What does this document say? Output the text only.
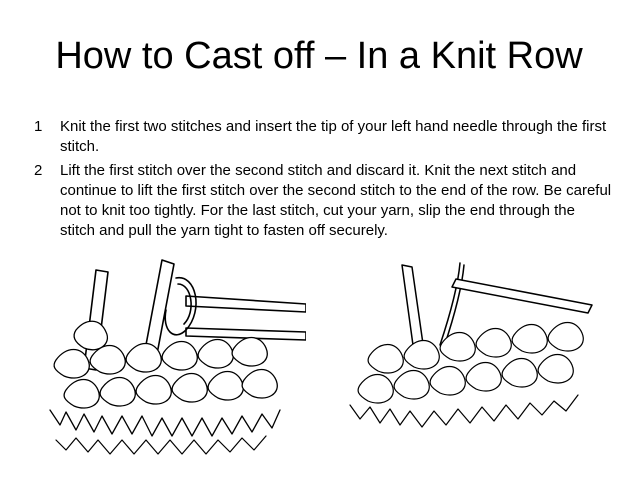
How to Cast off – In a Knit Row
1	Knit the first two stitches and insert the tip of your left hand needle through the first stitch.
2	Lift the first stitch over the second stitch and discard it. Knit the next stitch and continue to lift the first stitch over the second stitch to the end of the row. Be careful not to knit too tightly. For the last stitch, cut your yarn, slip the end through the stitch and pull the yarn tight to fasten off securely.
